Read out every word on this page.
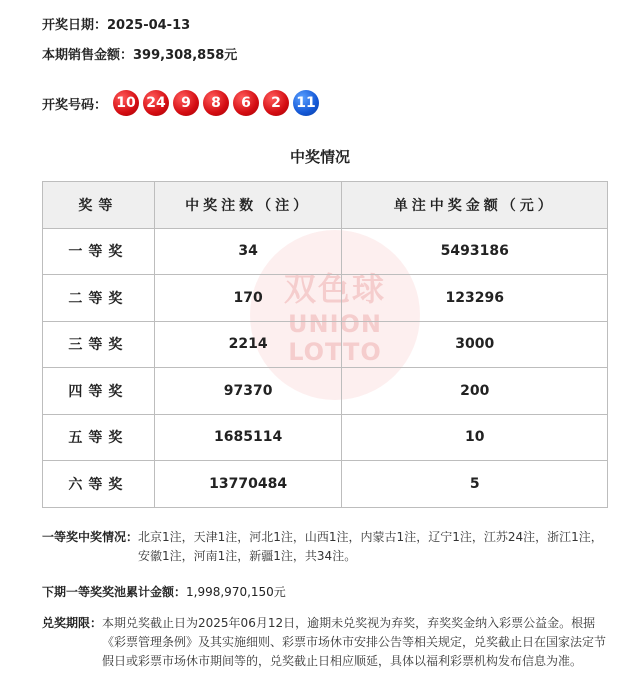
开奖日期：2025-04-13
本期销售金额：399,308,858元
开奖号码： 10 24	9	8	6	2	11
中奖情况
双色球
UNION
LOTTO
奖等	中奖注数（注）	单注中奖金额（元）
一等奖	34	5493186
二等奖	170	123296
三等奖	2214	3000
四等奖	97370	200
五等奖	1685114	10
六等奖	13770484	5
一等奖中奖情况： 北京1注，天津1注，河北1注，山西1注，内蒙古1注，辽宁1注，江苏24注，浙江1注，安徽1注，河南1注，新疆1注，共34注。
下期一等奖奖池累计金额：1,998,970,150元
兑奖期限： 本期兑奖截止日为2025年06月12日，逾期未兑奖视为弃奖，弃奖奖金纳入彩票公益金。根据《彩票管理条例》及其实施细则、彩票市场休市安排公告等相关规定，兑奖截止日在国家法定节假日或彩票市场休市期间等的，兑奖截止日相应顺延，具体以福利彩票机构发布信息为准。
